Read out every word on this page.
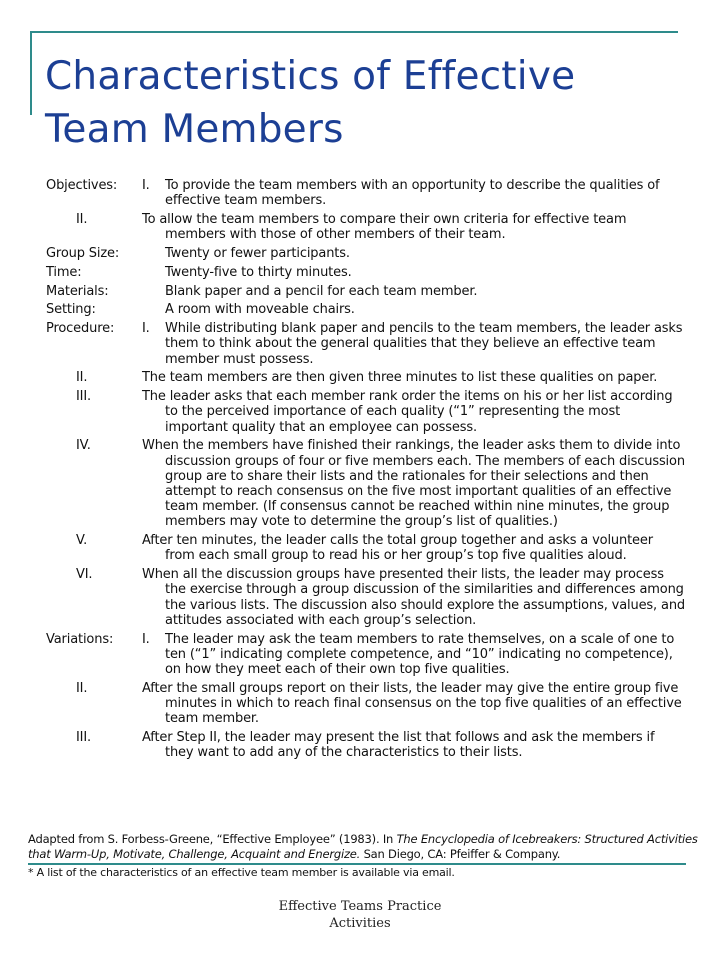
Characteristics of Effective
Team Members
Objectives: I. To provide the team members with an opportunity to describe the qualities of effective team members.
II.	To allow the team members to compare their own criteria for effective team members with those of other members of their team.
Group Size:	Twenty or fewer participants.
Time:	Twenty-five to thirty minutes.
Materials:	Blank paper and a pencil for each team member.
Setting:	A room with moveable chairs.
Procedure: I. While distributing blank paper and pencils to the team members, the leader asks them to think about the general qualities that they believe an effective team member must possess.
II.	The team members are then given three minutes to list these qualities on paper.
III.	The leader asks that each member rank order the items on his or her list according to the perceived importance of each quality (“1” representing the most important quality that an employee can possess.
IV.	When the members have finished their rankings, the leader asks them to divide into discussion groups of four or five members each. The members of each discussion group are to share their lists and the rationales for their selections and then attempt to reach consensus on the five most important qualities of an effective team member. (If consensus cannot be reached within nine minutes, the group members may vote to determine the group’s list of qualities.)
V.	After ten minutes, the leader calls the total group together and asks a volunteer from each small group to read his or her group’s top five qualities aloud.
VI.	When all the discussion groups have presented their lists, the leader may process the exercise through a group discussion of the similarities and differences among the various lists. The discussion also should explore the assumptions, values, and attitudes associated with each group’s selection.
Variations: I. The leader may ask the team members to rate themselves, on a scale of one to ten (“1” indicating complete competence, and “10” indicating no competence), on how they meet each of their own top five qualities.
II.	After the small groups report on their lists, the leader may give the entire group five minutes in which to reach final consensus on the top five qualities of an effective team member.
III.	After Step II, the leader may present the list that follows and ask the members if they want to add any of the characteristics to their lists.
Adapted from S. Forbess-Greene, “Effective Employee” (1983). In The Encyclopedia of Icebreakers: Structured Activities that Warm-Up, Motivate, Challenge, Acquaint and Energize. San Diego, CA: Pfeiffer & Company.
* A list of the characteristics of an effective team member is available via email.
Effective Teams Practice
Activities
